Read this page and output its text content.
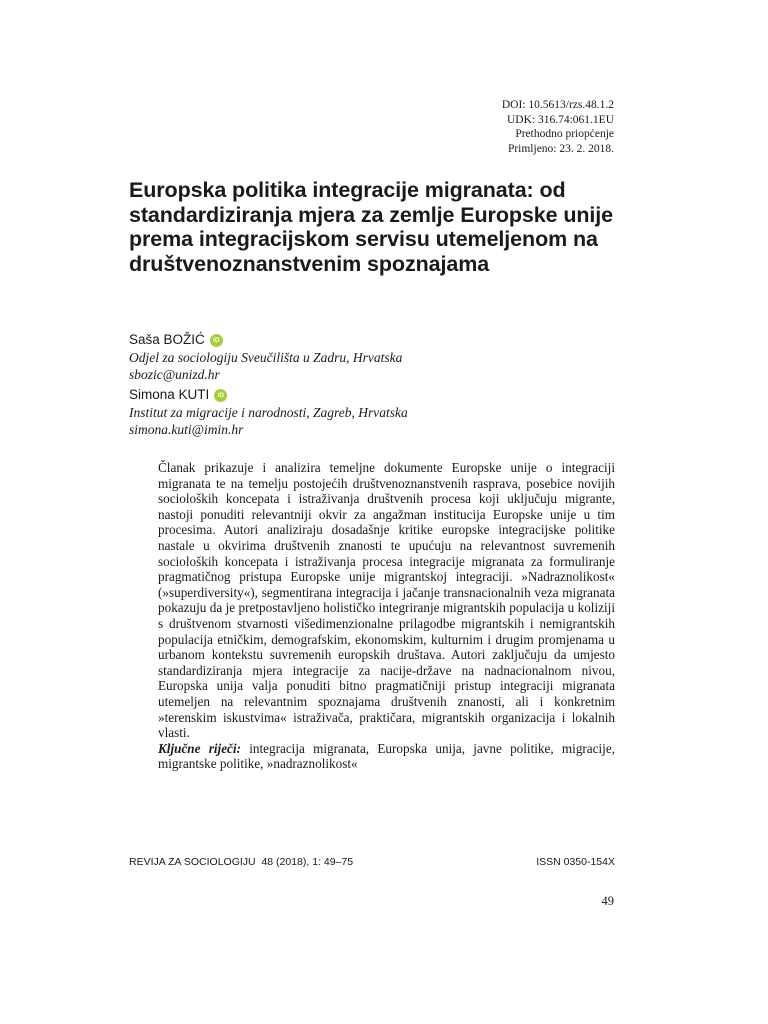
DOI: 10.5613/rzs.48.1.2
UDK: 316.74:061.1EU
Prethodno priopćenje
Primljeno: 23. 2. 2018.
Europska politika integracije migranata: od standardiziranja mjera za zemlje Europske unije prema integracijskom servisu utemeljenom na društvenoznanstvenim spoznajama
Saša BOŽIĆ	iD
Odjel za sociologiju Sveučilišta u Zadru, Hrvatska
sbozic@unizd.hr
Simona KUTI	iD
Institut za migracije i narodnosti, Zagreb, Hrvatska
simona.kuti@imin.hr

Članak prikazuje i analizira temeljne dokumente Europske unije o integraciji migranata te na temelju postojećih društvenoznanstvenih rasprava, posebice novijih socioloških koncepata i istraživanja društvenih procesa koji uključuju migrante, nastoji ponuditi relevantniji okvir za angažman institucija Europske unije u tim procesima. Autori analiziraju dosadašnje kritike europske integracijske politike nastale u okvirima društvenih znanosti te upućuju na relevantnost suvremenih socioloških koncepata i istraživanja procesa integracije migranata za formuliranje pragmatičnog pristupa Europske unije migrantskoj integraciji. »Nadraznolikost« (»superdiversity«), segmentirana integracija i jačanje transnacionalnih veza migranata pokazuju da je pretpostavljeno holističko integriranje migrantskih populacija u koliziji s društvenom stvarnosti višedimenzionalne prilagodbe migrantskih i nemigrantskih populacija etničkim, demografskim, ekonomskim, kulturnim i drugim promjenama u urbanom kontekstu suvremenih europskih društava. Autori zaključuju da umjesto standardiziranja mjera integracije za nacije-države na nadnacionalnom nivou, Europska unija valja ponuditi bitno pragmatičniji pristup integraciji migranata utemeljen na relevantnim spoznajama društvenih znanosti, ali i konkretnim »terenskim iskustvima« istraživača, praktičara, migrantskih organizacija i lokalnih vlasti.

Ključne riječi: integracija migranata, Europska unija, javne politike, migracije, migrantske politike, »nadraznolikost«

REVIJA ZA SOCIOLOGIJU  48 (2018), 1: 49–75	ISSN 0350-154X
49
